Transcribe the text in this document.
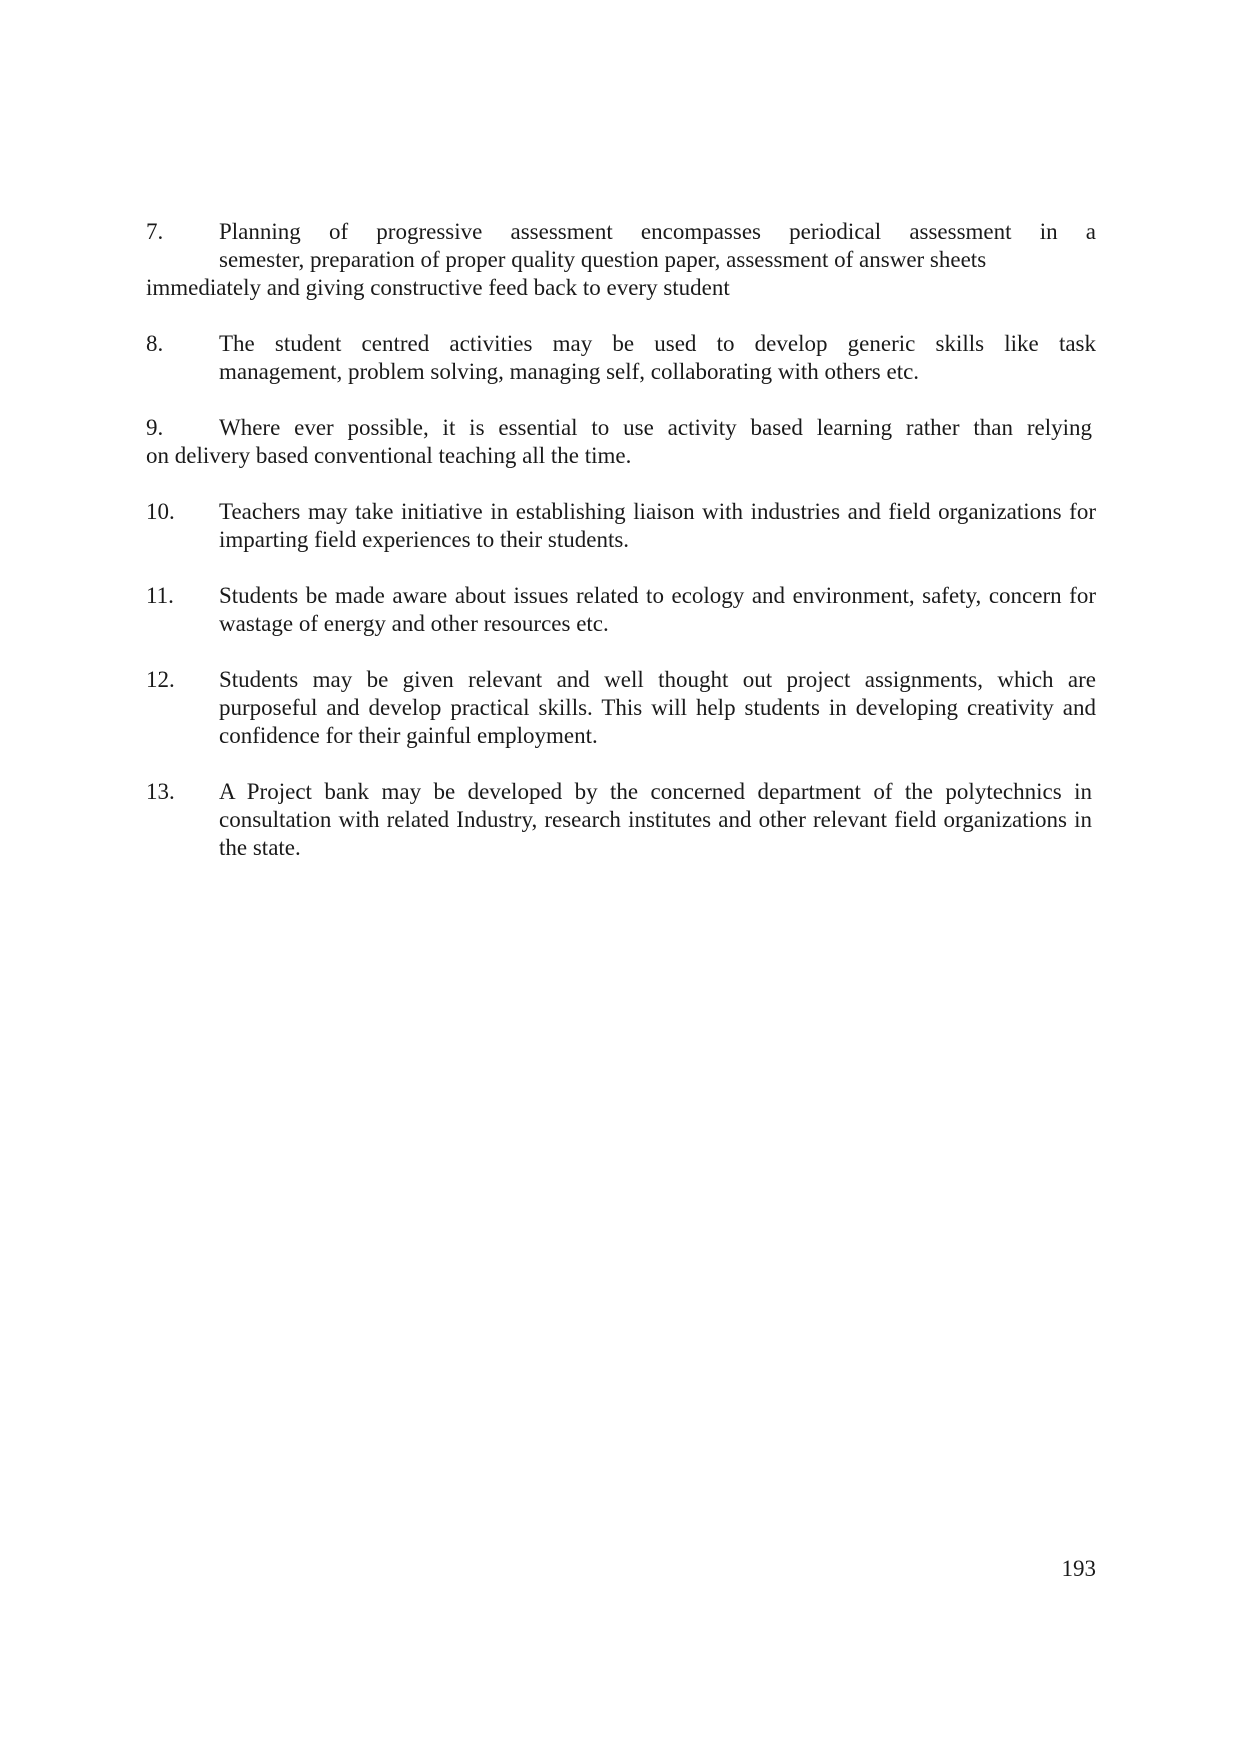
7. Planning of progressive assessment encompasses periodical assessment in a
semester, preparation of proper quality question paper, assessment of answer sheets
immediately and giving constructive feed back to every student
8. The student centred activities may be used to develop generic skills like task
management, problem solving, managing self, collaborating with others etc.
9. Where ever possible, it is essential to use activity based learning rather than relying
on delivery based conventional teaching all the time.
10. Teachers may take initiative in establishing liaison with industries and field organizations for imparting field experiences to their students.
11. Students be made aware about issues related to ecology and environment, safety, concern for wastage of energy and other resources etc.
12. Students may be given relevant and well thought out project assignments, which are purposeful and develop practical skills. This will help students in developing creativity and confidence for their gainful employment.
13. A Project bank may be developed by the concerned department of the polytechnics in consultation with related Industry, research institutes and other relevant field organizations in the state.
193
